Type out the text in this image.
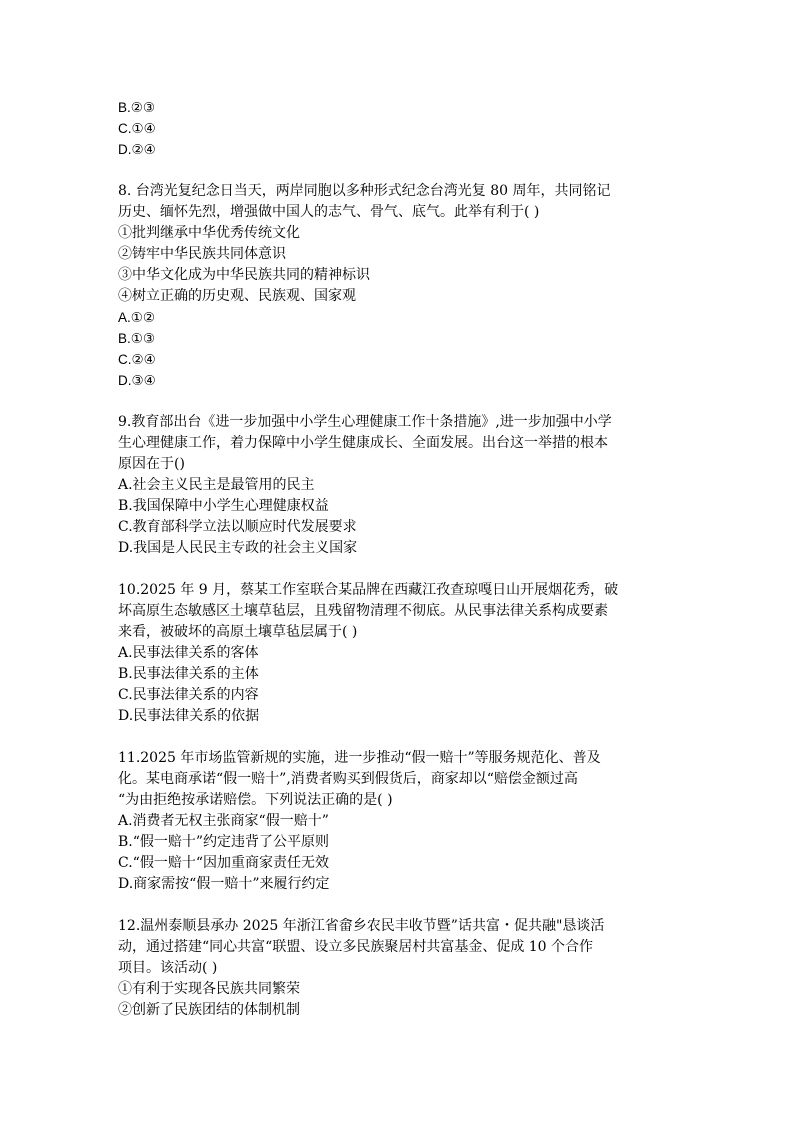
B.②③
C.①④
D.②④
8. 台湾光复纪念日当天，两岸同胞以多种形式纪念台湾光复 80 周年，共同铭记
历史、缅怀先烈，增强做中国人的志气、骨气、底气。此举有利于( )
①批判继承中华优秀传统文化
②铸牢中华民族共同体意识
③中华文化成为中华民族共同的精神标识
④树立正确的历史观、民族观、国家观
A.①②
B.①③
C.②④
D.③④
9.教育部出台《进一步加强中小学生心理健康工作十条措施》,进一步加强中小学
生心理健康工作，着力保障中小学生健康成长、全面发展。出台这一举措的根本
原因在于()
A.社会主义民主是最管用的民主
B.我国保障中小学生心理健康权益
C.教育部科学立法以顺应时代发展要求
D.我国是人民民主专政的社会主义国家
10.2025 年 9 月，蔡某工作室联合某品牌在西藏江孜查琼嘎日山开展烟花秀，破
坏高原生态敏感区土壤草毡层，且残留物清理不彻底。从民事法律关系构成要素
来看，被破坏的高原土壤草毡层属于( )
A.民事法律关系的客体
B.民事法律关系的主体
C.民事法律关系的内容
D.民事法律关系的依据
11.2025 年市场监管新规的实施，进一步推动“假一赔十”等服务规范化、普及
化。某电商承诺“假一赔十”,消费者购买到假货后，商家却以“赔偿金额过高
“为由拒绝按承诺赔偿。下列说法正确的是( )
A.消费者无权主张商家“假一赔十”
B.“假一赔十”约定违背了公平原则
C.“假一赔十“因加重商家责任无效
D.商家需按“假一赔十”来履行约定
12.温州泰顺县承办 2025 年浙江省畲乡农民丰收节暨”话共富・促共融"恳谈活
动，通过搭建“同心共富“联盟、设立多民族聚居村共富基金、促成 10 个合作
项目。该活动( )
①有利于实现各民族共同繁荣
②创新了民族团结的体制机制
